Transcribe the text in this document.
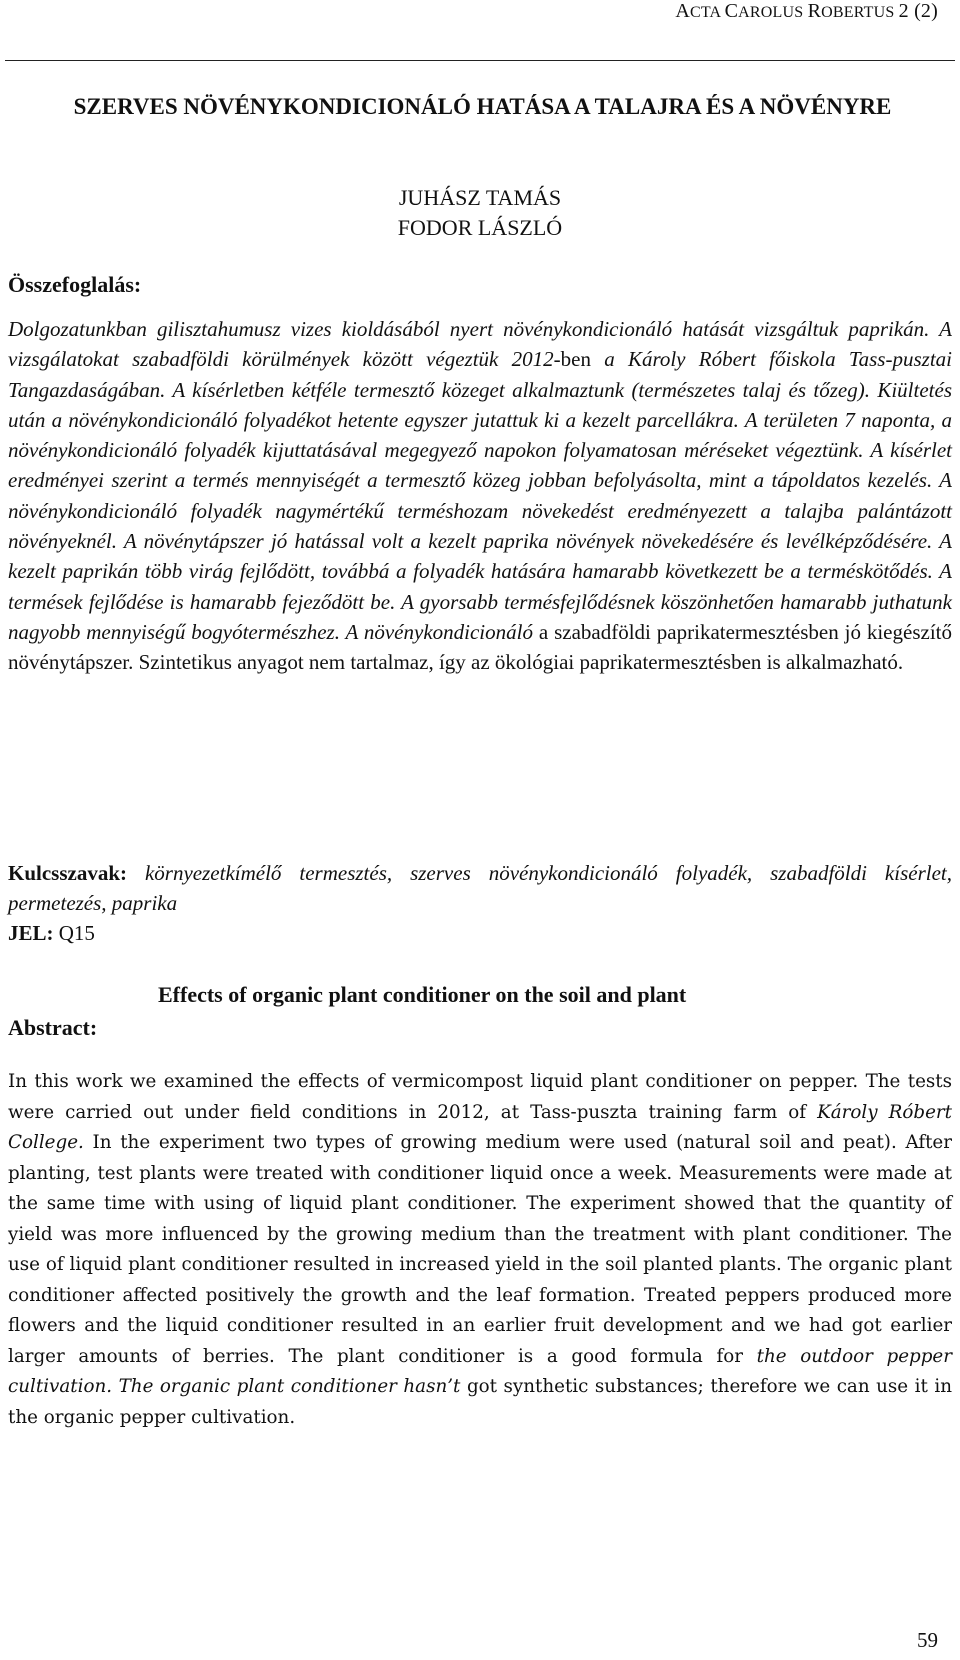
ACTA CAROLUS ROBERTUS 2 (2)
SZERVES NÖVÉNYKONDICIONÁLÓ HATÁSA A TALAJRA ÉS A NÖVÉNYRE
JUHÁSZ TAMÁS
FODOR LÁSZLÓ
Összefoglalás:

Dolgozatunkban gilisztahumusz vizes kioldásából nyert növénykondicionáló hatását vizsgáltuk paprikán. A vizsgálatokat szabadföldi körülmények között végeztük 2012-ben a Károly Róbert főiskola Tass-pusztai Tangazdaságában. A kísérletben kétféle termesztő közeget alkalmaztunk (természetes talaj és tőzeg). Kiültetés után a növénykondicionáló folyadékot hetente egyszer jutattuk ki a kezelt parcellákra. A területen 7 naponta, a növénykondicionáló folyadék kijuttatásával megegyező napokon folyamatosan méréseket végeztünk. A kísérlet eredményei szerint a termés mennyiségét a termesztő közeg jobban befolyásolta, mint a tápoldatos kezelés. A növénykondicionáló folyadék nagymértékű terméshozam növekedést eredményezett a talajba palántázott növényeknél. A növénytápszer jó hatással volt a kezelt paprika növények növekedésére és levélképződésére. A kezelt paprikán több virág fejlődött, továbbá a folyadék hatására hamarabb következett be a terméskötődés. A termések fejlődése is hamarabb fejeződött be. A gyorsabb termésfejlődésnek köszönhetően hamarabb juthatunk nagyobb mennyiségű bogyótermészhez. A növénykondicionáló a szabadföldi paprikatermesztésben jó kiegészítő növénytápszer. Szintetikus anyagot nem tartalmaz, így az ökológiai paprikatermesztésben is alkalmazható.

Kulcsszavak: környezetkímélő termesztés, szerves növénykondicionáló folyadék, szabadföldi kísérlet, permetezés, paprika
JEL: Q15
Effects of organic plant conditioner on the soil and plant
Abstract:

In this work we examined the effects of vermicompost liquid plant conditioner on pepper. The tests were carried out under field conditions in 2012, at Tass-puszta training farm of Károly Róbert College. In the experiment two types of growing medium were used (natural soil and peat). After planting, test plants were treated with conditioner liquid once a week. Measurements were made at the same time with using of liquid plant conditioner. The experiment showed that the quantity of yield was more influenced by the growing medium than the treatment with plant conditioner. The use of liquid plant conditioner resulted in increased yield in the soil planted plants. The organic plant conditioner affected positively the growth and the leaf formation. Treated peppers produced more flowers and the liquid conditioner resulted in an earlier fruit development and we had got earlier larger amounts of berries. The plant conditioner is a good formula for the outdoor pepper cultivation. The organic plant conditioner hasn’t got synthetic substances; therefore we can use it in the organic pepper cultivation.

59
